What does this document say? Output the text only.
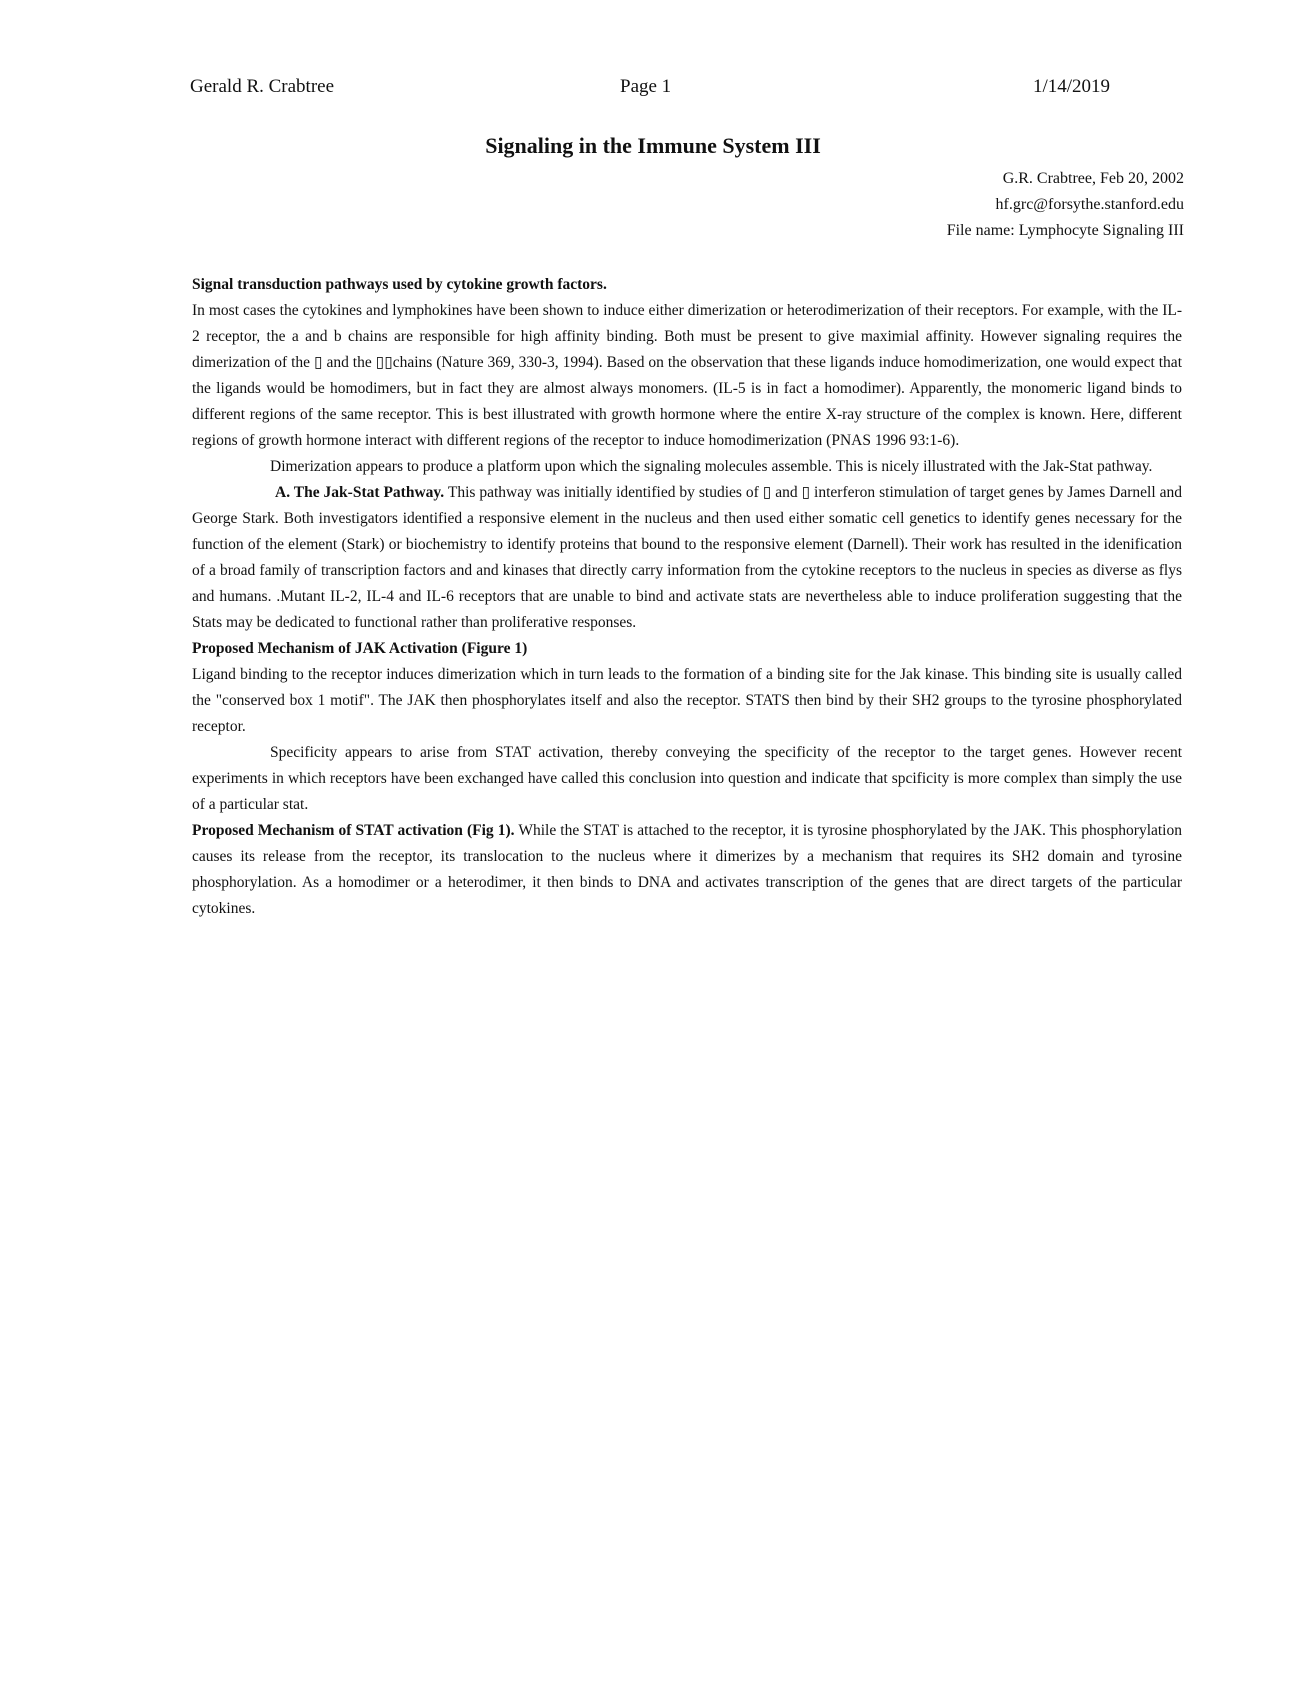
Gerald R. Crabtree	Page 1	1/14/2019
Signaling in the Immune System III
G.R. Crabtree, Feb 20, 2002
hf.grc@forsythe.stanford.edu
File name: Lymphocyte Signaling III

Signal transduction pathways used by cytokine growth factors.

In most cases the cytokines and lymphokines have been shown to induce either dimerization or heterodimerization of their receptors. For example, with the IL-2 receptor, the a and b chains are responsible for high affinity binding. Both must be present to give maximial affinity. However signaling requires the dimerization of the ▯ and the ▯▯chains (Nature 369, 330-3, 1994). Based on the observation that these ligands induce homodimerization, one would expect that the ligands would be homodimers, but in fact they are almost always monomers. (IL-5 is in fact a homodimer). Apparently, the monomeric ligand binds to different regions of the same receptor. This is best illustrated with growth hormone where the entire X-ray structure of the complex is known. Here, different regions of growth hormone interact with different regions of the receptor to induce homodimerization (PNAS 1996 93:1-6).

Dimerization appears to produce a platform upon which the signaling molecules assemble. This is nicely illustrated with the Jak-Stat pathway.

A. The Jak-Stat Pathway. This pathway was initially identified by studies of ▯ and ▯ interferon stimulation of target genes by James Darnell and George Stark. Both investigators identified a responsive element in the nucleus and then used either somatic cell genetics to identify genes necessary for the function of the element (Stark) or biochemistry to identify proteins that bound to the responsive element (Darnell). Their work has resulted in the idenification of a broad family of transcription factors and and kinases that directly carry information from the cytokine receptors to the nucleus in species as diverse as flys and humans. .Mutant IL-2, IL-4 and IL-6 receptors that are unable to bind and activate stats are nevertheless able to induce proliferation suggesting that the Stats may be dedicated to functional rather than proliferative responses.

Proposed Mechanism of JAK Activation (Figure 1)

Ligand binding to the receptor induces dimerization which in turn leads to the formation of a binding site for the Jak kinase. This binding site is usually called the "conserved box 1 motif". The JAK then phosphorylates itself and also the receptor. STATS then bind by their SH2 groups to the tyrosine phosphorylated receptor.

Specificity appears to arise from STAT activation, thereby conveying the specificity of the receptor to the target genes. However recent experiments in which receptors have been exchanged have called this conclusion into question and indicate that spcificity is more complex than simply the use of a particular stat.

Proposed Mechanism of STAT activation (Fig 1). While the STAT is attached to the receptor, it is tyrosine phosphorylated by the JAK. This phosphorylation causes its release from the receptor, its translocation to the nucleus where it dimerizes by a mechanism that requires its SH2 domain and tyrosine phosphorylation. As a homodimer or a heterodimer, it then binds to DNA and activates transcription of the genes that are direct targets of the particular cytokines.
